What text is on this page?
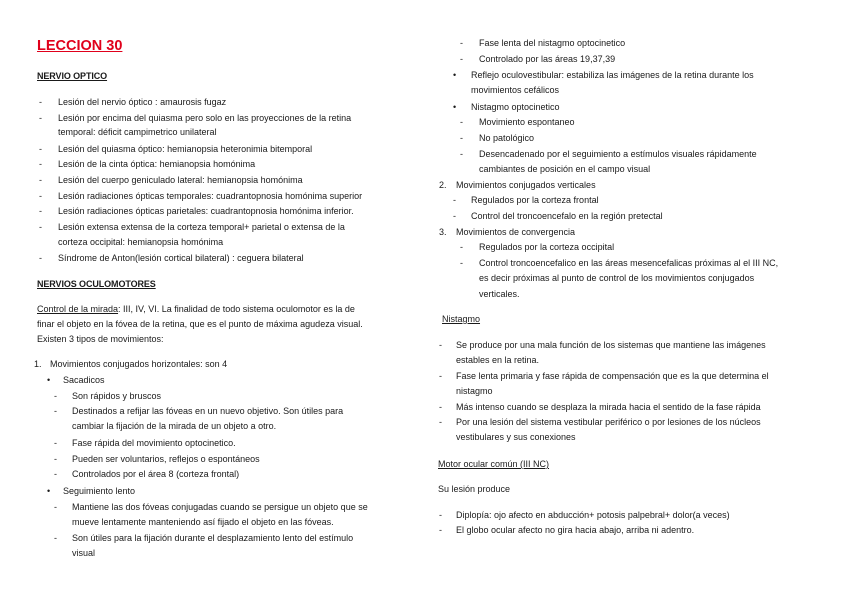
LECCION 30
NERVIO OPTICO
- Lesión del nervio óptico : amaurosis fugaz
- Lesión por encima del quiasma pero solo en las proyecciones de la retina
temporal: déficit campimetrico unilateral
- Lesión del quiasma óptico: hemianopsia heteronimia bitemporal
- Lesión de la cinta óptica: hemianopsia homónima
- Lesión del cuerpo geniculado lateral: hemianopsia homónima
- Lesión radiaciones ópticas temporales: cuadrantopnosia homónima superior
- Lesión radiaciones ópticas parietales: cuadrantopnosia homónima inferior.
- Lesión extensa extensa de la corteza temporal+ parietal o extensa de la
corteza occipital: hemianopsia homónima
- Síndrome de Anton(lesión cortical bilateral) : ceguera bilateral
NERVIOS OCULOMOTORES
Control de la mirada: III, IV, VI. La finalidad de todo sistema oculomotor es la de
finar el objeto en la fóvea de la retina, que es el punto de máxima agudeza visual.
Existen 3 tipos de movimientos:
1. Movimientos conjugados horizontales: son 4
• Sacadicos
- Son rápidos y bruscos
- Destinados a refijar las fóveas en un nuevo objetivo. Son útiles para
cambiar la fijación de la mirada de un objeto a otro.
- Fase rápida del movimiento optocinetico.
- Pueden ser voluntarios, reflejos o espontáneos
- Controlados por el área 8 (corteza frontal)
• Seguimiento lento
- Mantiene las dos fóveas conjugadas cuando se persigue un objeto que se
mueve lentamente manteniendo así fijado el objeto en las fóveas.
- Son útiles para la fijación durante el desplazamiento lento del estímulo
visual
- Fase lenta del nistagmo optocinetico
- Controlado por las áreas 19,37,39
• Reflejo oculovestibular: estabiliza las imágenes de la retina durante los
movimientos cefálicos
• Nistagmo optocinetico
- Movimiento espontaneo
- No patológico
- Desencadenado por el seguimiento a estímulos visuales rápidamente
cambiantes de posición en el campo visual
2. Movimientos conjugados verticales
- Regulados por la corteza frontal
- Control del troncoencefalo en la región pretectal
3. Movimientos de convergencia
- Regulados por la corteza occipital
- Control troncoencefalico en las áreas mesencefalicas próximas al el III NC,
es decir próximas al punto de control de los movimientos conjugados
verticales.
Nistagmo
- Se produce por una mala función de los sistemas que mantiene las imágenes
estables en la retina.
- Fase lenta primaria y fase rápida de compensación que es la que determina el
nistagmo
- Más intenso cuando se desplaza la mirada hacia el sentido de la fase rápida
- Por una lesión del sistema vestibular periférico o por lesiones de los núcleos
vestibulares y sus conexiones
Motor ocular común (III NC)
Su lesión produce
- Diplopía: ojo afecto en abducción+ potosis palpebral+ dolor(a veces)
- El globo ocular afecto no gira hacia abajo, arriba ni adentro.
